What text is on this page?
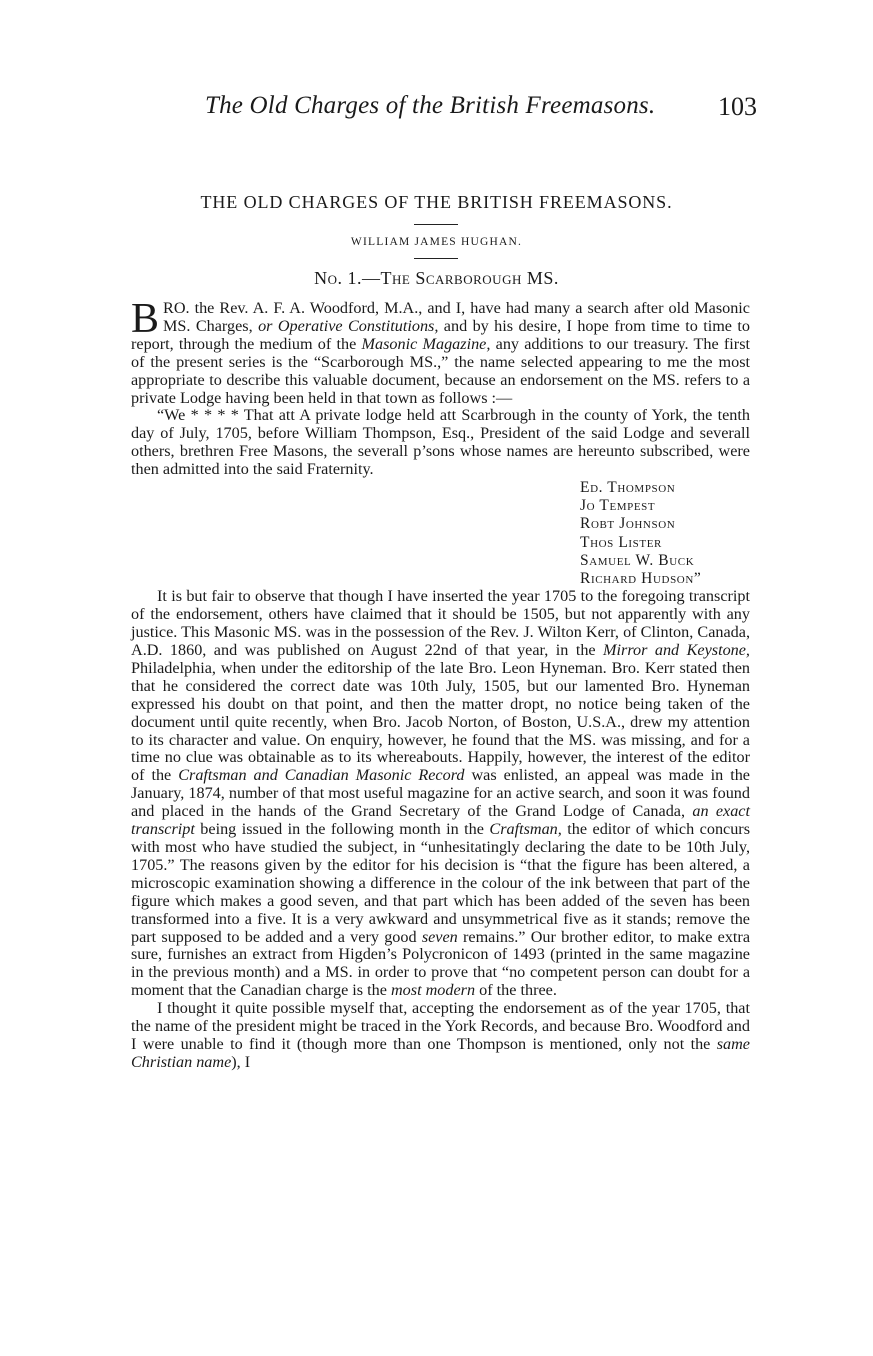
The Old Charges of the British Freemasons. 103
THE OLD CHARGES OF THE BRITISH FREEMASONS.
WILLIAM JAMES HUGHAN.
No. 1.—The Scarborough MS.

BRO. the Rev. A. F. A. Woodford, M.A., and I, have had many a search after old Masonic MS. Charges, or Operative Constitutions, and by his desire, I hope from time to time to report, through the medium of the Masonic Magazine, any additions to our treasury. The first of the present series is the “Scarborough MS.,” the name selected appearing to me the most appropriate to describe this valuable document, because an endorsement on the MS. refers to a private Lodge having been held in that town as follows :—

“We * * * * That att A private lodge held att Scarbrough in the county of York, the tenth day of July, 1705, before William Thompson, Esq., President of the said Lodge and severall others, brethren Free Masons, the severall p’sons whose names are hereunto subscribed, were then admitted into the said Fraternity.

Ed. Thompson
Jo Tempest
Robt Johnson
Thos Lister
Samuel W. Buck
Richard Hudson”

It is but fair to observe that though I have inserted the year 1705 to the foregoing transcript of the endorsement, others have claimed that it should be 1505, but not apparently with any justice. This Masonic MS. was in the possession of the Rev. J. Wilton Kerr, of Clinton, Canada, A.D. 1860, and was published on August 22nd of that year, in the Mirror and Keystone, Philadelphia, when under the editorship of the late Bro. Leon Hyneman. Bro. Kerr stated then that he considered the correct date was 10th July, 1505, but our lamented Bro. Hyneman expressed his doubt on that point, and then the matter dropt, no notice being taken of the document until quite recently, when Bro. Jacob Norton, of Boston, U.S.A., drew my attention to its character and value. On enquiry, however, he found that the MS. was missing, and for a time no clue was obtainable as to its whereabouts. Happily, however, the interest of the editor of the Craftsman and Canadian Masonic Record was enlisted, an appeal was made in the January, 1874, number of that most useful magazine for an active search, and soon it was found and placed in the hands of the Grand Secretary of the Grand Lodge of Canada, an exact transcript being issued in the following month in the Craftsman, the editor of which concurs with most who have studied the subject, in “unhesitatingly declaring the date to be 10th July, 1705.” The reasons given by the editor for his decision is “that the figure has been altered, a microscopic examination showing a difference in the colour of the ink between that part of the figure which makes a good seven, and that part which has been added of the seven has been transformed into a five. It is a very awkward and unsymmetrical five as it stands; remove the part supposed to be added and a very good seven remains.” Our brother editor, to make extra sure, furnishes an extract from Higden’s Polycronicon of 1493 (printed in the same magazine in the previous month) and a MS. in order to prove that “no competent person can doubt for a moment that the Canadian charge is the most modern of the three.

I thought it quite possible myself that, accepting the endorsement as of the year 1705, that the name of the president might be traced in the York Records, and because Bro. Woodford and I were unable to find it (though more than one Thompson is mentioned, only not the same Christian name), I
